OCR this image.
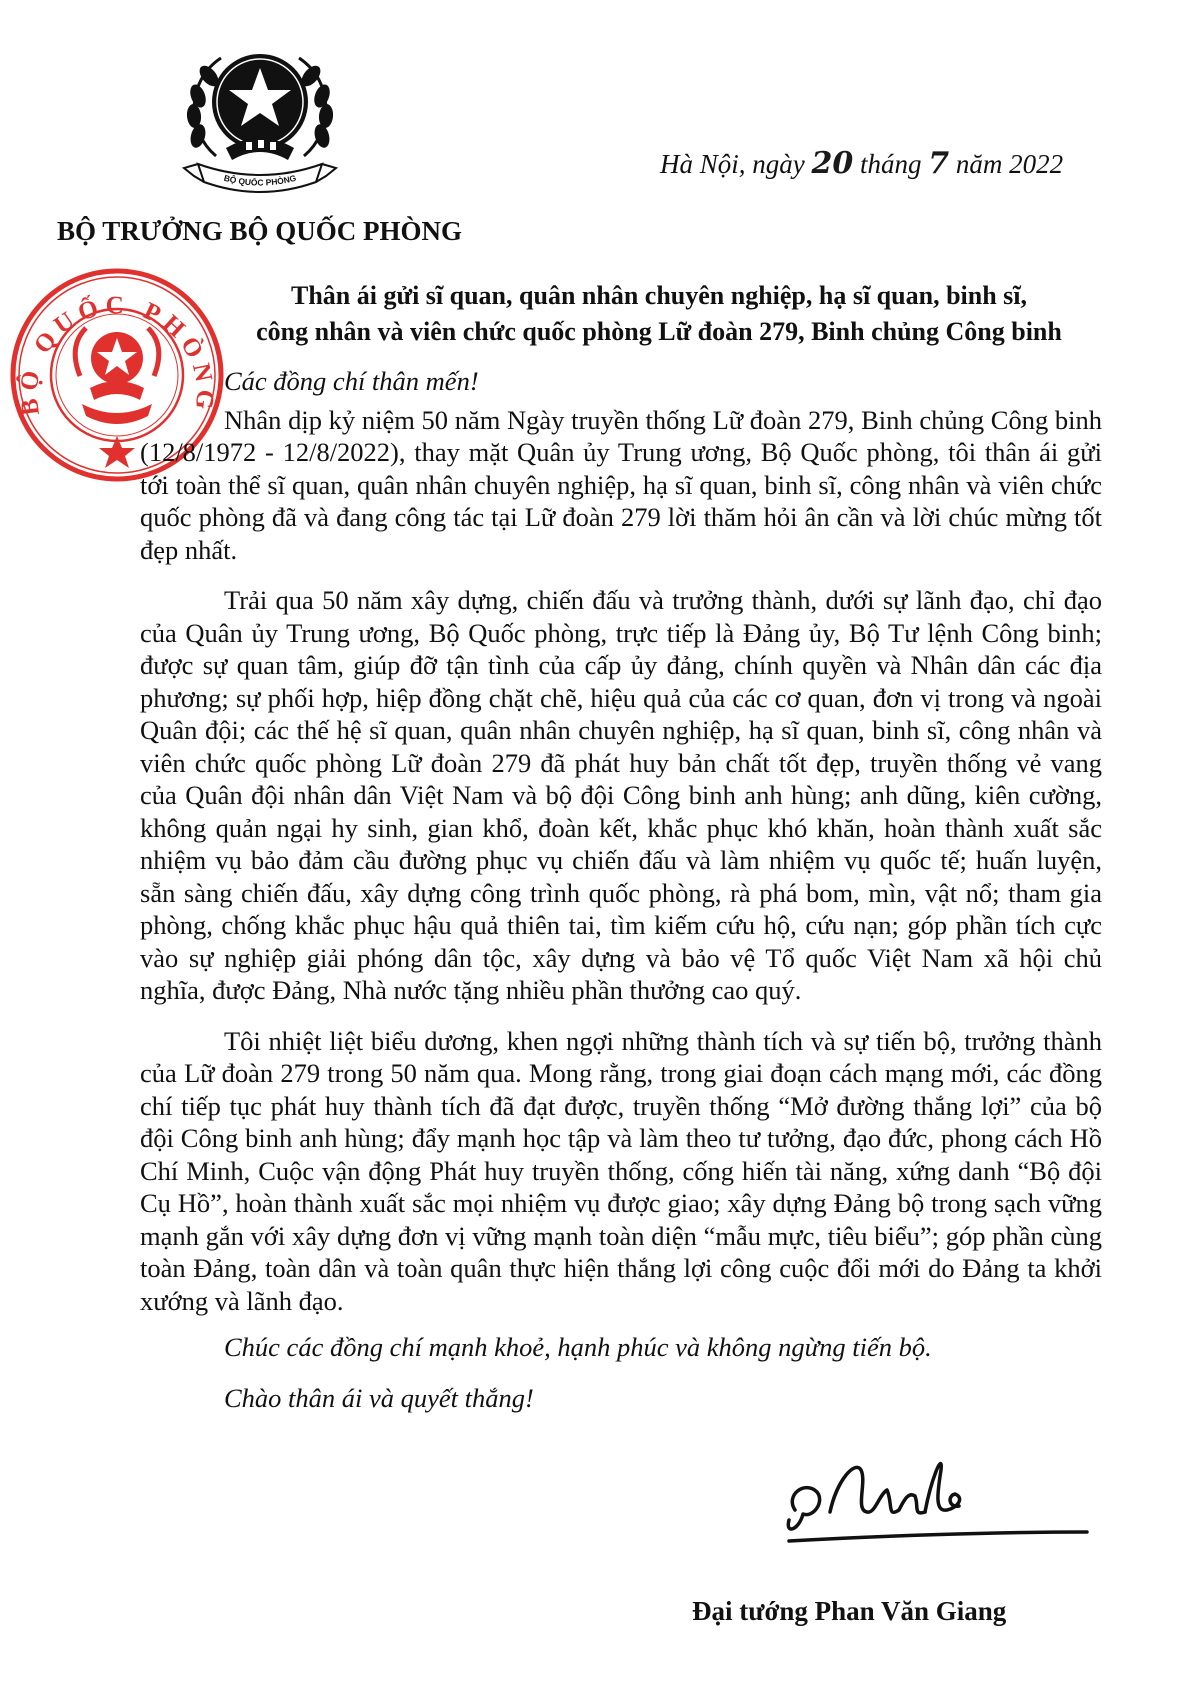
BỘ QUỐC PHÒNG	Hà Nội, ngày 20 tháng 7 năm 2022
BỘ TRƯỞNG BỘ QUỐC PHÒNG
BỘ QUỐC PHÒNG
Thân ái gửi sĩ quan, quân nhân chuyên nghiệp, hạ sĩ quan, binh sĩ,
công nhân và viên chức quốc phòng Lữ đoàn 279, Binh chủng Công binh

Các đồng chí thân mến!

Nhân dịp kỷ niệm 50 năm Ngày truyền thống Lữ đoàn 279, Binh chủng Công binh (12/8/1972 - 12/8/2022), thay mặt Quân ủy Trung ương, Bộ Quốc phòng, tôi thân ái gửi tới toàn thể sĩ quan, quân nhân chuyên nghiệp, hạ sĩ quan, binh sĩ, công nhân và viên chức quốc phòng đã và đang công tác tại Lữ đoàn 279 lời thăm hỏi ân cần và lời chúc mừng tốt đẹp nhất.

Trải qua 50 năm xây dựng, chiến đấu và trưởng thành, dưới sự lãnh đạo, chỉ đạo của Quân ủy Trung ương, Bộ Quốc phòng, trực tiếp là Đảng ủy, Bộ Tư lệnh Công binh; được sự quan tâm, giúp đỡ tận tình của cấp ủy đảng, chính quyền và Nhân dân các địa phương; sự phối hợp, hiệp đồng chặt chẽ, hiệu quả của các cơ quan, đơn vị trong và ngoài Quân đội; các thế hệ sĩ quan, quân nhân chuyên nghiệp, hạ sĩ quan, binh sĩ, công nhân và viên chức quốc phòng Lữ đoàn 279 đã phát huy bản chất tốt đẹp, truyền thống vẻ vang của Quân đội nhân dân Việt Nam và bộ đội Công binh anh hùng; anh dũng, kiên cường, không quản ngại hy sinh, gian khổ, đoàn kết, khắc phục khó khăn, hoàn thành xuất sắc nhiệm vụ bảo đảm cầu đường phục vụ chiến đấu và làm nhiệm vụ quốc tế; huấn luyện, sẵn sàng chiến đấu, xây dựng công trình quốc phòng, rà phá bom, mìn, vật nổ; tham gia phòng, chống khắc phục hậu quả thiên tai, tìm kiếm cứu hộ, cứu nạn; góp phần tích cực vào sự nghiệp giải phóng dân tộc, xây dựng và bảo vệ Tổ quốc Việt Nam xã hội chủ nghĩa, được Đảng, Nhà nước tặng nhiều phần thưởng cao quý.

Tôi nhiệt liệt biểu dương, khen ngợi những thành tích và sự tiến bộ, trưởng thành của Lữ đoàn 279 trong 50 năm qua. Mong rằng, trong giai đoạn cách mạng mới, các đồng chí tiếp tục phát huy thành tích đã đạt được, truyền thống “Mở đường thắng lợi” của bộ đội Công binh anh hùng; đẩy mạnh học tập và làm theo tư tưởng, đạo đức, phong cách Hồ Chí Minh, Cuộc vận động Phát huy truyền thống, cống hiến tài năng, xứng danh “Bộ đội Cụ Hồ”, hoàn thành xuất sắc mọi nhiệm vụ được giao; xây dựng Đảng bộ trong sạch vững mạnh gắn với xây dựng đơn vị vững mạnh toàn diện “mẫu mực, tiêu biểu”; góp phần cùng toàn Đảng, toàn dân và toàn quân thực hiện thắng lợi công cuộc đổi mới do Đảng ta khởi xướng và lãnh đạo.

Chúc các đồng chí mạnh khoẻ, hạnh phúc và không ngừng tiến bộ.

Chào thân ái và quyết thắng!

Đại tướng Phan Văn Giang
